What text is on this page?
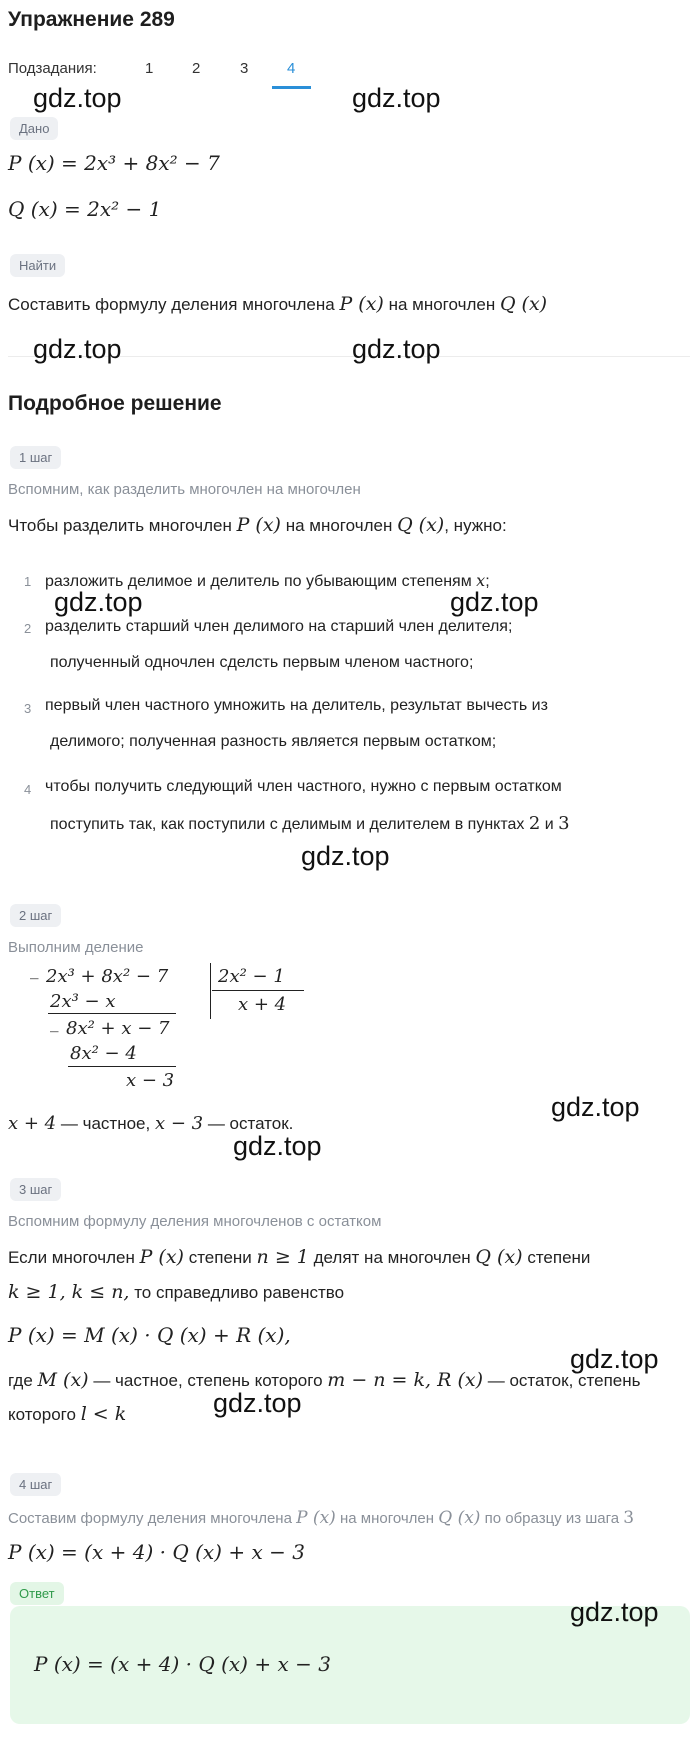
Упражнение 289
Подзадания:	1	2	3	4
Дано
P (x) = 2x³ + 8x² − 7
Q (x) = 2x² − 1
Найти
Составить формулу деления многочлена P (x) на многочлен Q (x)
Подробное решение
1 шаг
Вспомним, как разделить многочлен на многочлен
Чтобы разделить многочлен P (x) на многочлен Q (x), нужно:
1 разложить делимое и делитель по убывающим степеням x;
2 разделить старший член делимого на старший член делителя;
полученный одночлен сделсть первым членом частного;
3 первый член частного умножить на делитель, результат вычесть из
делимого; полученная разность является первым остатком;
4 чтобы получить следующий член частного, нужно с первым остатком
поступить так, как поступили с делимым и делителем в пунктах 2 и 3
2 шаг
Выполним деление
_ 2x³ + 8x² − 7
2x³ − x
_ 8x² + x − 7
8x² − 4
x − 3
2x² − 1
x + 4
x + 4 — частное, x − 3 — остаток.
3 шаг
Вспомним формулу деления многочленов с остатком
Если многочлен P (x) степени n ≥ 1 делят на многочлен Q (x) степени
k ≥ 1, k ≤ n, то справедливо равенство
P (x) = M (x) · Q (x) + R (x),
где M (x) — частное, степень которого m − n = k, R (x) — остаток, степень
которого l < k
4 шаг
Составим формулу деления многочлена P (x) на многочлен Q (x) по образцу из шага 3
P (x) = (x + 4) · Q (x) + x − 3
Ответ
P (x) = (x + 4) · Q (x) + x − 3
gdz.top	gdz.top
gdz.top	gdz.top
gdz.top	gdz.top
gdz.top
gdz.top
gdz.top
gdz.top
gdz.top
gdz.top
